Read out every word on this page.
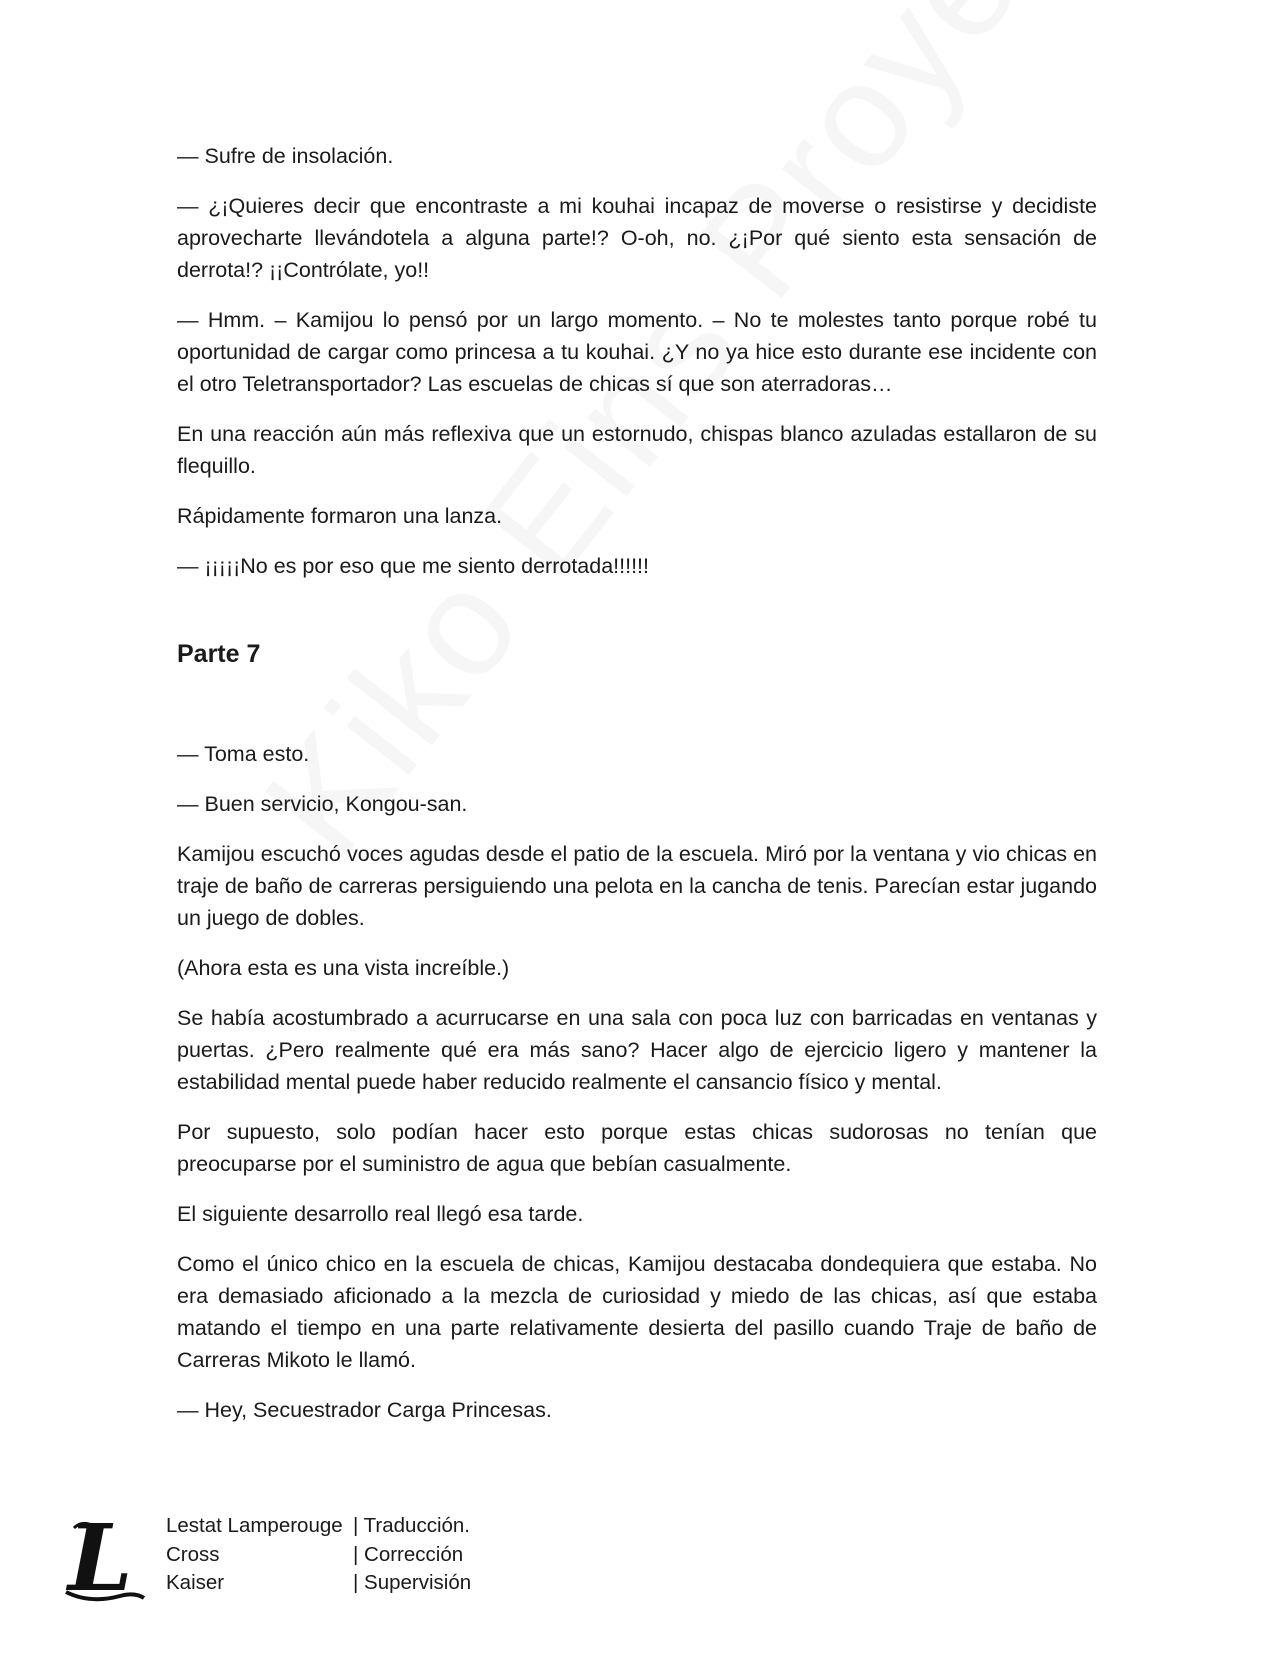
— Sufre de insolación.

— ¿¡Quieres decir que encontraste a mi kouhai incapaz de moverse o resistirse y decidiste aprovecharte llevándotela a alguna parte!? O-oh, no. ¿¡Por qué siento esta sensación de derrota!? ¡¡Contrólate, yo!!

— Hmm. – Kamijou lo pensó por un largo momento. – No te molestes tanto porque robé tu oportunidad de cargar como princesa a tu kouhai. ¿Y no ya hice esto durante ese incidente con el otro Teletransportador? Las escuelas de chicas sí que son aterradoras…

En una reacción aún más reflexiva que un estornudo, chispas blanco azuladas estallaron de su flequillo.

Rápidamente formaron una lanza.

— ¡¡¡¡¡No es por eso que me siento derrotada!!!!!!

Parte 7

— Toma esto.

— Buen servicio, Kongou-san.

Kamijou escuchó voces agudas desde el patio de la escuela. Miró por la ventana y vio chicas en traje de baño de carreras persiguiendo una pelota en la cancha de tenis. Parecían estar jugando un juego de dobles.

(Ahora esta es una vista increíble.)

Se había acostumbrado a acurrucarse en una sala con poca luz con barricadas en ventanas y puertas. ¿Pero realmente qué era más sano? Hacer algo de ejercicio ligero y mantener la estabilidad mental puede haber reducido realmente el cansancio físico y mental.

Por supuesto, solo podían hacer esto porque estas chicas sudorosas no tenían que preocuparse por el suministro de agua que bebían casualmente.

El siguiente desarrollo real llegó esa tarde.

Como el único chico en la escuela de chicas, Kamijou destacaba dondequiera que estaba. No era demasiado aficionado a la mezcla de curiosidad y miedo de las chicas, así que estaba matando el tiempo en una parte relativamente desierta del pasillo cuando Traje de baño de Carreras Mikoto le llamó.

— Hey, Secuestrador Carga Princesas.

L Lestat Lamperouge | Traducción.
Cross	| Corrección
Kaiser	| Supervisión
